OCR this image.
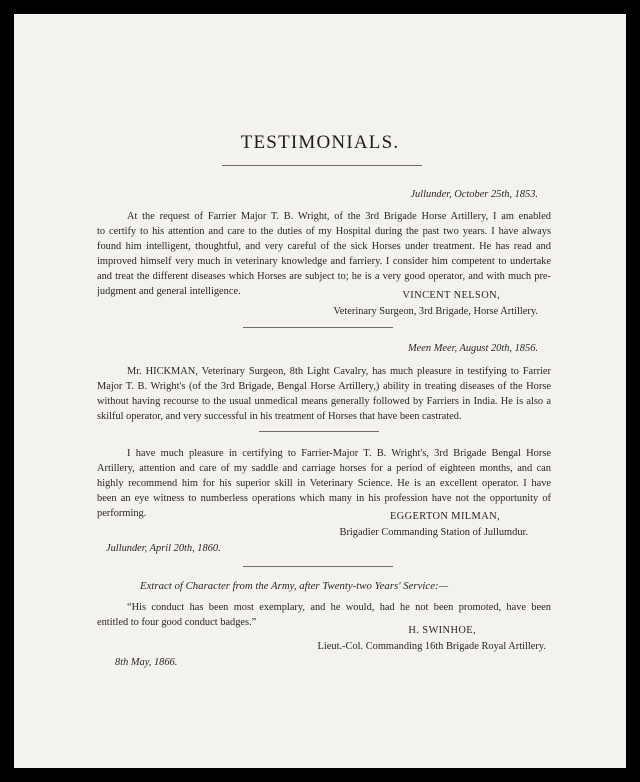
TESTIMONIALS.
Jullunder, October 25th, 1853.
At the request of Farrier Major T. B. Wright, of the 3rd Brigade Horse Artillery, I am enabled
to certify to his attention and care to the duties of my Hospital during the past two years. I have always
found him intelligent, thoughtful, and very careful of the sick Horses under treatment. He has read and
improved himself very much in veterinary knowledge and farriery. I consider him competent to undertake
and treat the different diseases which Horses are subject to; he is a very good operator, and with much pre-
judgment and general intelligence.	VINCENT NELSON,
Veterinary Surgeon, 3rd Brigade, Horse Artillery.
Meen Meer, August 20th, 1856.
Mr. HICKMAN, Veterinary Surgeon, 8th Light Cavalry, has much pleasure in testifying to Farrier
Major T. B. Wright's (of the 3rd Brigade, Bengal Horse Artillery,) ability in treating diseases of the Horse
without having recourse to the usual unmedical means generally followed by Farriers in India. He is also a
skilful operator, and very successful in his treatment of Horses that have been castrated.
I have much pleasure in certifying to Farrier-Major T. B. Wright's, 3rd Brigade Bengal Horse
Artillery, attention and care of my saddle and carriage horses for a period of eighteen months, and can
highly recommend him for his superior skill in Veterinary Science. He is an excellent operator. I have
been an eye witness to numberless operations which many in his profession have not the opportunity of
performing.	EGGERTON MILMAN,
Brigadier Commanding Station of Jullumdur.
Jullunder, April 20th, 1860.
Extract of Character from the Army, after Twenty-two Years' Service:—
“His conduct has been most exemplary, and he would, had he not been promoted, have been
entitled to four good conduct badges.”
H. SWINHOE,
Lieut.-Col. Commanding 16th Brigade Royal Artillery.
8th May, 1866.
